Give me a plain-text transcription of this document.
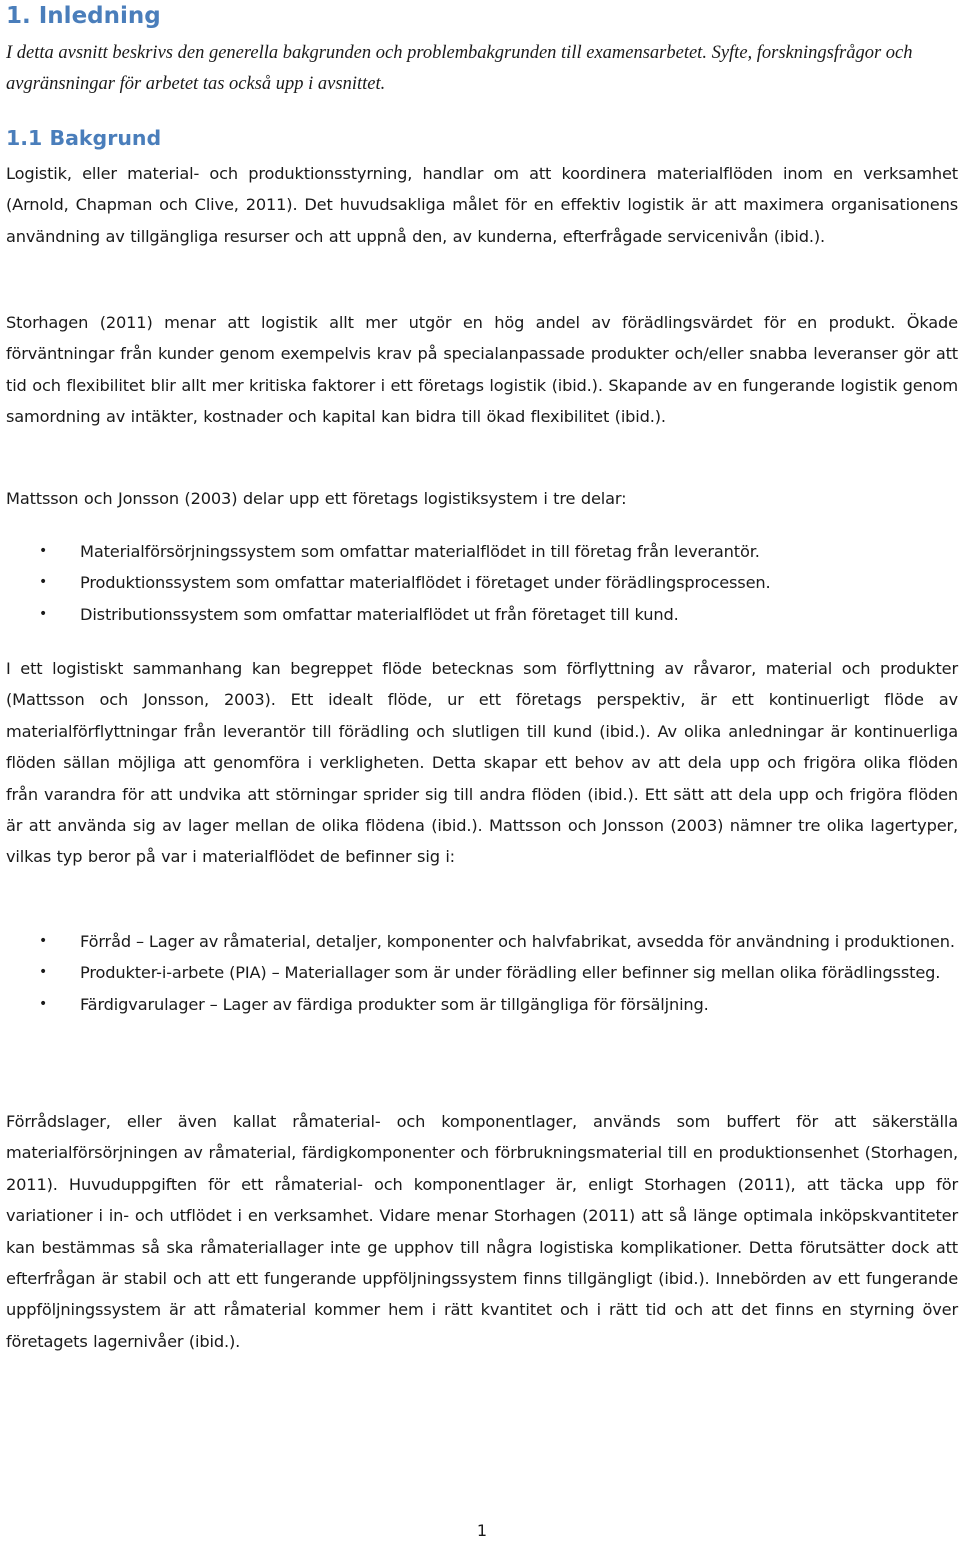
1. Inledning

I detta avsnitt beskrivs den generella bakgrunden och problembakgrunden till examensarbetet. Syfte, forskningsfrågor och avgränsningar för arbetet tas också upp i avsnittet.

1.1 Bakgrund

Logistik, eller material- och produktionsstyrning, handlar om att koordinera materialflöden inom en verksamhet (Arnold, Chapman och Clive, 2011). Det huvudsakliga målet för en effektiv logistik är att maximera organisationens användning av tillgängliga resurser och att uppnå den, av kunderna, efterfrågade servicenivån (ibid.).

Storhagen (2011) menar att logistik allt mer utgör en hög andel av förädlingsvärdet för en produkt. Ökade förväntningar från kunder genom exempelvis krav på specialanpassade produkter och/eller snabba leveranser gör att tid och flexibilitet blir allt mer kritiska faktorer i ett företags logistik (ibid.). Skapande av en fungerande logistik genom samordning av intäkter, kostnader och kapital kan bidra till ökad flexibilitet (ibid.).

Mattsson och Jonsson (2003) delar upp ett företags logistiksystem i tre delar:

• Materialförsörjningssystem som omfattar materialflödet in till företag från leverantör.
• Produktionssystem som omfattar materialflödet i företaget under förädlingsprocessen.
• Distributionssystem som omfattar materialflödet ut från företaget till kund.

I ett logistiskt sammanhang kan begreppet flöde betecknas som förflyttning av råvaror, material och produkter (Mattsson och Jonsson, 2003). Ett idealt flöde, ur ett företags perspektiv, är ett kontinuerligt flöde av materialförflyttningar från leverantör till förädling och slutligen till kund (ibid.). Av olika anledningar är kontinuerliga flöden sällan möjliga att genomföra i verkligheten. Detta skapar ett behov av att dela upp och frigöra olika flöden från varandra för att undvika att störningar sprider sig till andra flöden (ibid.). Ett sätt att dela upp och frigöra flöden är att använda sig av lager mellan de olika flödena (ibid.). Mattsson och Jonsson (2003) nämner tre olika lagertyper, vilkas typ beror på var i materialflödet de befinner sig i:

• Förråd – Lager av råmaterial, detaljer, komponenter och halvfabrikat, avsedda för användning i produktionen.
• Produkter-i-arbete (PIA) – Materiallager som är under förädling eller befinner sig mellan olika förädlingssteg.
• Färdigvarulager – Lager av färdiga produkter som är tillgängliga för försäljning.

Förrådslager, eller även kallat råmaterial- och komponentlager, används som buffert för att säkerställa materialförsörjningen av råmaterial, färdigkomponenter och förbrukningsmaterial till en produktionsenhet (Storhagen, 2011). Huvuduppgiften för ett råmaterial- och komponentlager är, enligt Storhagen (2011), att täcka upp för variationer i in- och utflödet i en verksamhet. Vidare menar Storhagen (2011) att så länge optimala inköpskvantiteter kan bestämmas så ska råmateriallager inte ge upphov till några logistiska komplikationer. Detta förutsätter dock att efterfrågan är stabil och att ett fungerande uppföljningssystem finns tillgängligt (ibid.). Innebörden av ett fungerande uppföljningssystem är att råmaterial kommer hem i rätt kvantitet och i rätt tid och att det finns en styrning över företagets lagernivåer (ibid.).

1
